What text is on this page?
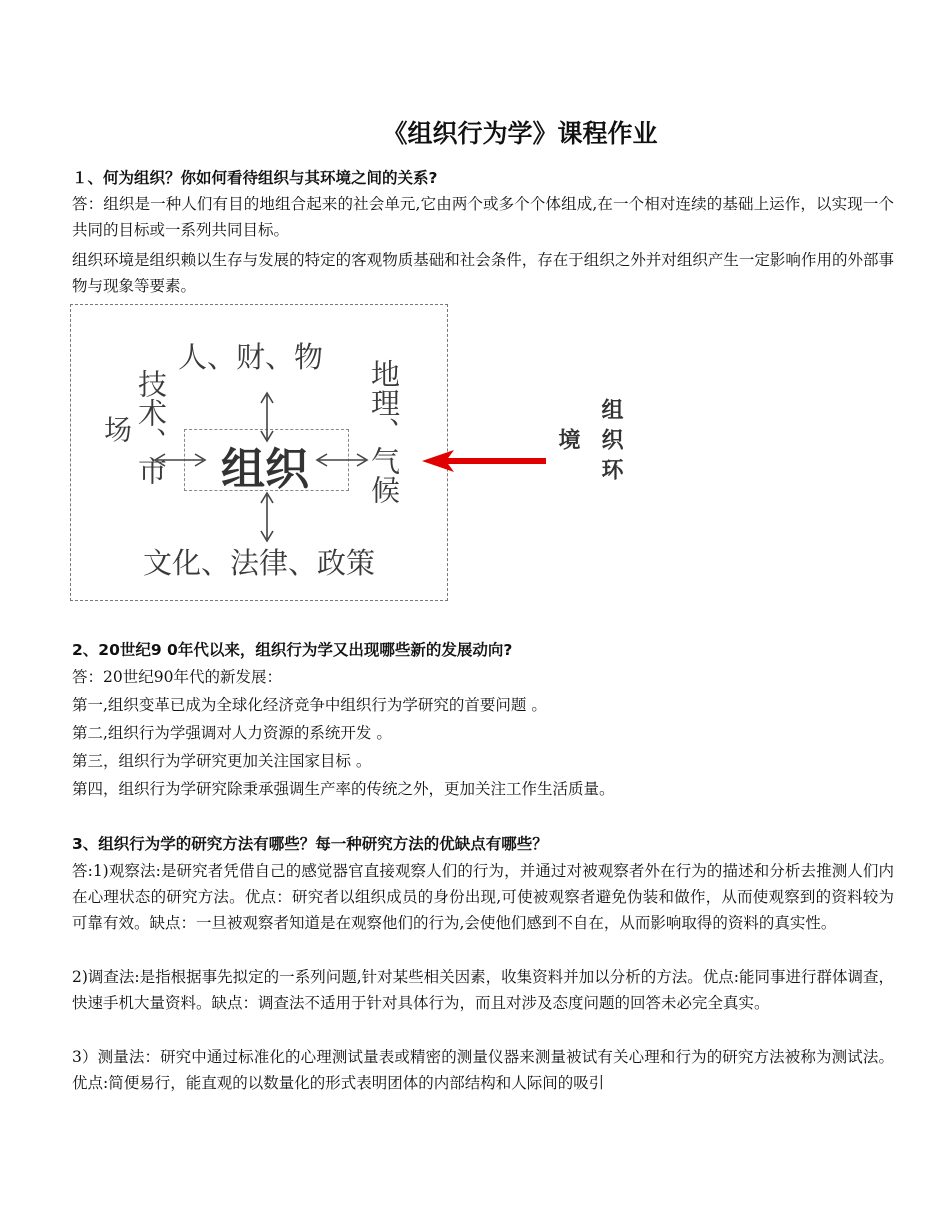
《组织行为学》课程作业
１、何为组织？你如何看待组织与其环境之间的关系?
答：组织是一种人们有目的地组合起来的社会单元,它由两个或多个个体组成,在一个相对连续的基础上运作，以实现一个共同的目标或一系列共同目标。
组织环境是组织赖以生存与发展的特定的客观物质基础和社会条件，存在于组织之外并对组织产生一定影响作用的外部事物与现象等要素。
人、财、物
场 技术、市	地理、气候
文化、法律、政策
组织
境 组织环
2、20世纪9 0年代以来，组织行为学又出现哪些新的发展动向?
答：20世纪90年代的新发展：
第一,组织变革已成为全球化经济竞争中组织行为学研究的首要问题 。
第二,组织行为学强调对人力资源的系统开发 。
第三，组织行为学研究更加关注国家目标 。
第四，组织行为学研究除秉承强调生产率的传统之外，更加关注工作生活质量。
3、组织行为学的研究方法有哪些？每一种研究方法的优缺点有哪些？
答:1)观察法:是研究者凭借自己的感觉器官直接观察人们的行为，并通过对被观察者外在行为的描述和分析去推测人们内在心理状态的研究方法。优点：研究者以组织成员的身份出现,可使被观察者避免伪装和做作，从而使观察到的资料较为可靠有效。缺点：一旦被观察者知道是在观察他们的行为,会使他们感到不自在，从而影响取得的资料的真实性。
2)调查法:是指根据事先拟定的一系列问题,针对某些相关因素，收集资料并加以分析的方法。优点:能同事进行群体调查，快速手机大量资料。缺点：调查法不适用于针对具体行为，而且对涉及态度问题的回答未必完全真实。
3）测量法：研究中通过标准化的心理测试量表或精密的测量仪器来测量被试有关心理和行为的研究方法被称为测试法。优点:简便易行，能直观的以数量化的形式表明团体的内部结构和人际间的吸引
